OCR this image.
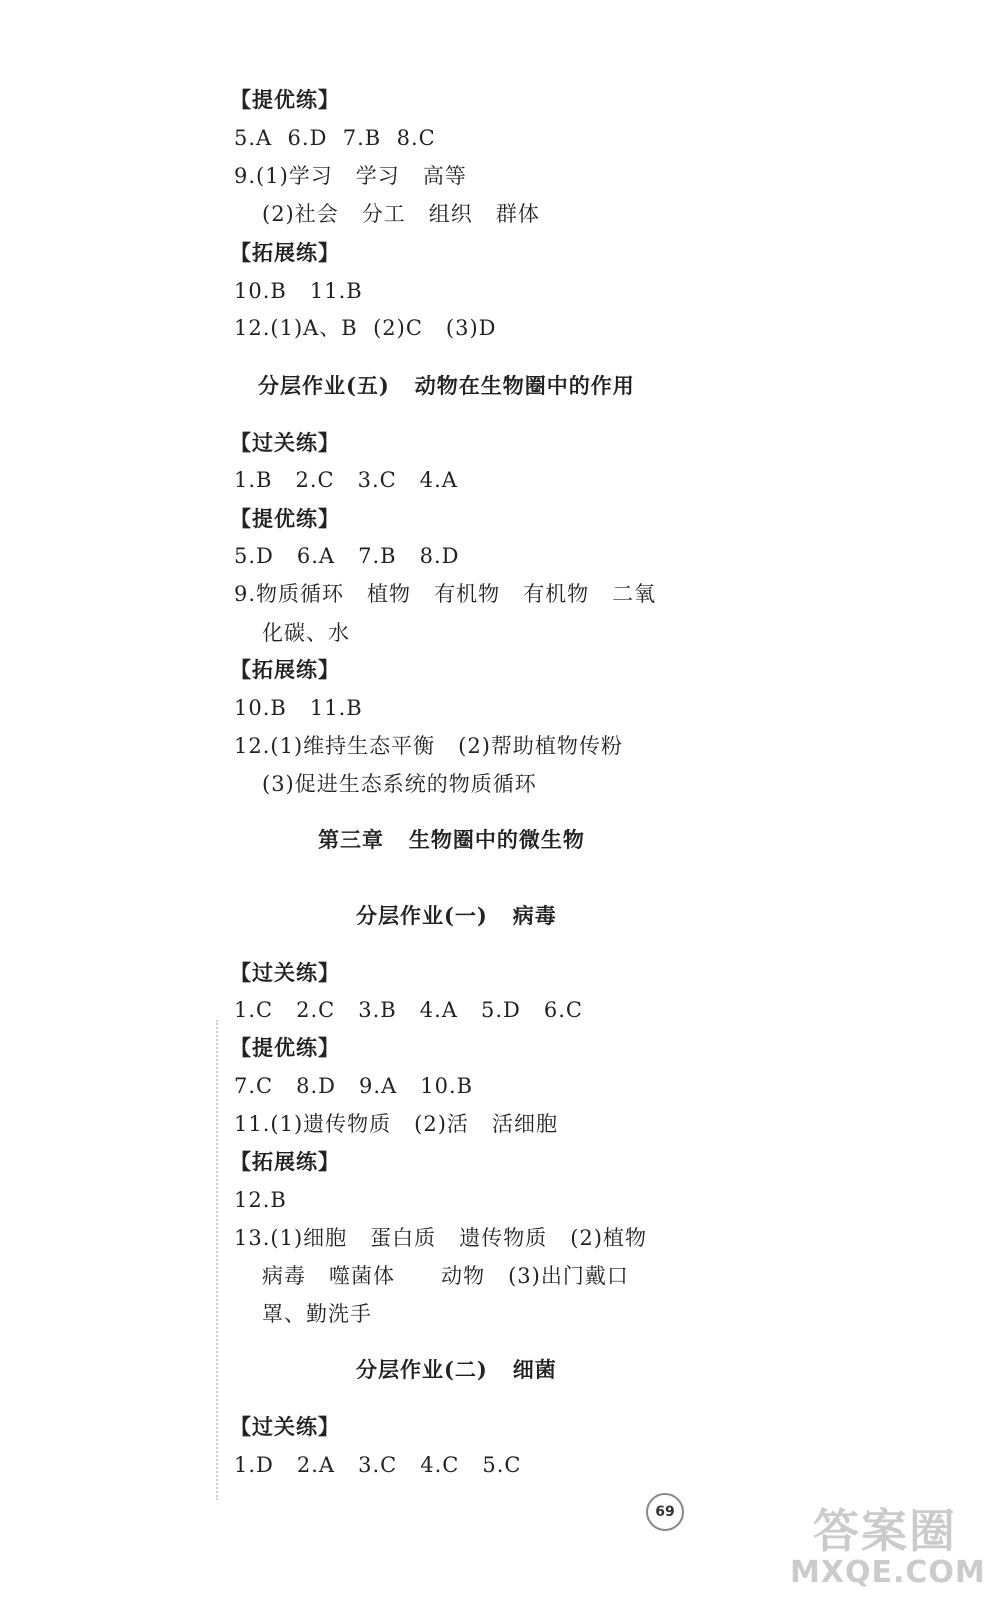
【提优练】
5.A  6.D  7.B  8.C
9.(1)学习   学习   高等
(2)社会   分工   组织   群体
【拓展练】
10.B   11.B
12.(1)A、B  (2)C   (3)D
分层作业(五)   动物在生物圈中的作用
【过关练】
1.B   2.C   3.C   4.A
【提优练】
5.D   6.A   7.B   8.D
9.物质循环   植物   有机物   有机物   二氧
化碳、水
【拓展练】
10.B   11.B
12.(1)维持生态平衡   (2)帮助植物传粉
(3)促进生态系统的物质循环
第三章   生物圈中的微生物
分层作业(一)   病毒
【过关练】
1.C   2.C   3.B   4.A   5.D   6.C
【提优练】
7.C   8.D   9.A   10.B
11.(1)遗传物质   (2)活   活细胞
【拓展练】
12.B
13.(1)细胞   蛋白质   遗传物质   (2)植物
病毒   噬菌体      动物   (3)出门戴口
罩、勤洗手
分层作业(二)   细菌
【过关练】
1.D   2.A   3.C   4.C   5.C
69	答案圈
MXQE.COM
